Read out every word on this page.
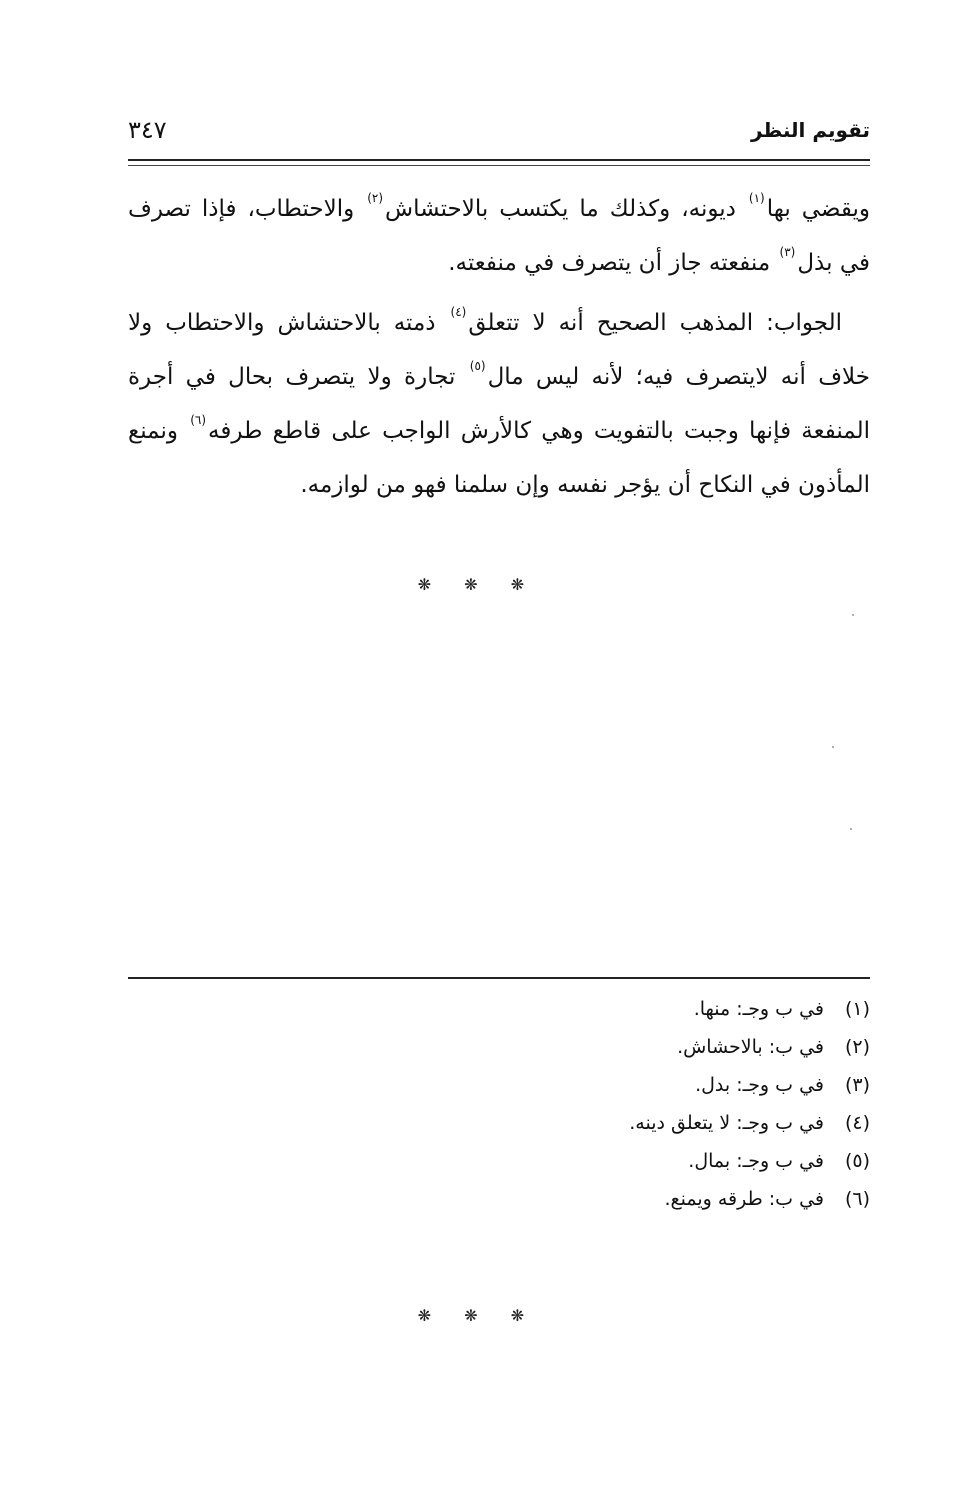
٣٤٧	تقويم النظر

ويقضي بها$^{(١)}$ ديونه، وكذلك ما يكتسب بالاحتشاش$^{(٢)}$ والاحتطاب، فإذا تصرف في بذل$^{(٣)}$ منفعته جاز أن يتصرف في منفعته.

الجواب: المذهب الصحيح أنه لا تتعلق$^{(٤)}$ ذمته بالاحتشاش والاحتطاب ولا خلاف أنه لايتصرف فيه؛ لأنه ليس مال$^{(٥)}$ تجارة ولا يتصرف بحال في أجرة المنفعة فإنها وجبت بالتفويت وهي كالأرش الواجب على قاطع طرفه$^{(٦)}$ ونمنع المأذون في النكاح أن يؤجر نفسه وإن سلمنا فهو من لوازمه.

❋ ❋ ❋
(١)في ب وجـ: منها.
(٢)في ب: بالاحشاش.
(٣)في ب وجـ: بدل.
(٤)في ب وجـ: لا يتعلق دينه.
(٥)في ب وجـ: بمال.
(٦)في ب: طرقه ويمنع.
❋ ❋ ❋
